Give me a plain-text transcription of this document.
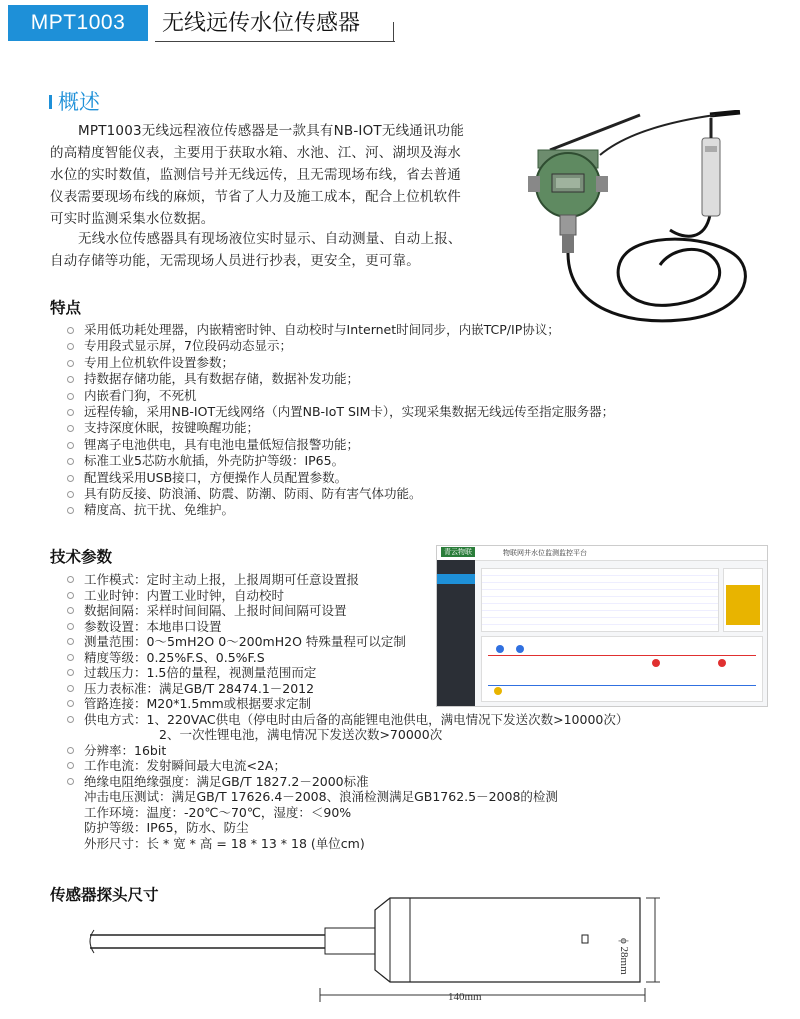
MPT1003	无线远传水位传感器
概述
MPT1003无线远程液位传感器是一款具有NB-IOT无线通讯功能
的高精度智能仪表，主要用于获取水箱、水池、江、河、湖坝及海水
水位的实时数值，监测信号并无线远传，且无需现场布线，省去普通
仪表需要现场布线的麻烦，节省了人力及施工成本，配合上位机软件
可实时监测采集水位数据。
无线水位传感器具有现场液位实时显示、自动测量、自动上报、
自动存储等功能，无需现场人员进行抄表，更安全，更可靠。
特点
采用低功耗处理器，内嵌精密时钟、自动校时与Internet时间同步，内嵌TCP/IP协议；
专用段式显示屏，7位段码动态显示；
专用上位机软件设置参数；
持数据存储功能，具有数据存储，数据补发功能；
内嵌看门狗，不死机
远程传输，采用NB-IOT无线网络（内置NB-IoT SIM卡），实现采集数据无线远传至指定服务器；
支持深度休眠，按键唤醒功能；
锂离子电池供电，具有电池电量低短信报警功能；
标准工业5芯防水航插，外壳防护等级：IP65。
配置线采用USB接口，方便操作人员配置参数。
具有防反接、防浪涌、防震、防潮、防雨、防有害气体功能。
精度高、抗干扰、免维护。
技术参数
工作模式：定时主动上报，上报周期可任意设置报
工业时钟：内置工业时钟，自动校时
数据间隔：采样时间间隔、上报时间间隔可设置
参数设置：本地串口设置
测量范围：0～5mH2O 0～200mH2O 特殊量程可以定制
精度等级：0.25%F.S、0.5%F.S
过载压力：1.5倍的量程，视测量范围而定
压力表标准：满足GB/T 28474.1－2012
管路连接：M20*1.5mm或根据要求定制
供电方式：1、220VAC供电（停电时由后备的高能锂电池供电，满电情况下发送次数>10000次）
2、一次性锂电池，满电情况下发送次数>70000次
分辨率：16bit
工作电流：发射瞬间最大电流<2A；
绝缘电阻绝缘强度：满足GB/T 1827.2－2000标准
冲击电压测试：满足GB/T 17626.4－2008、浪涌检测满足GB1762.5－2008的检测
工作环境：温度：-20℃～70℃，湿度：＜90%
防护等级：IP65，防水、防尘
外形尺寸：长 * 宽 * 高 = 18 * 13 * 18 (单位cm)
青云物联	物联网井水位监测监控平台
传感器探头尺寸
140mm
ϕ 28mm
